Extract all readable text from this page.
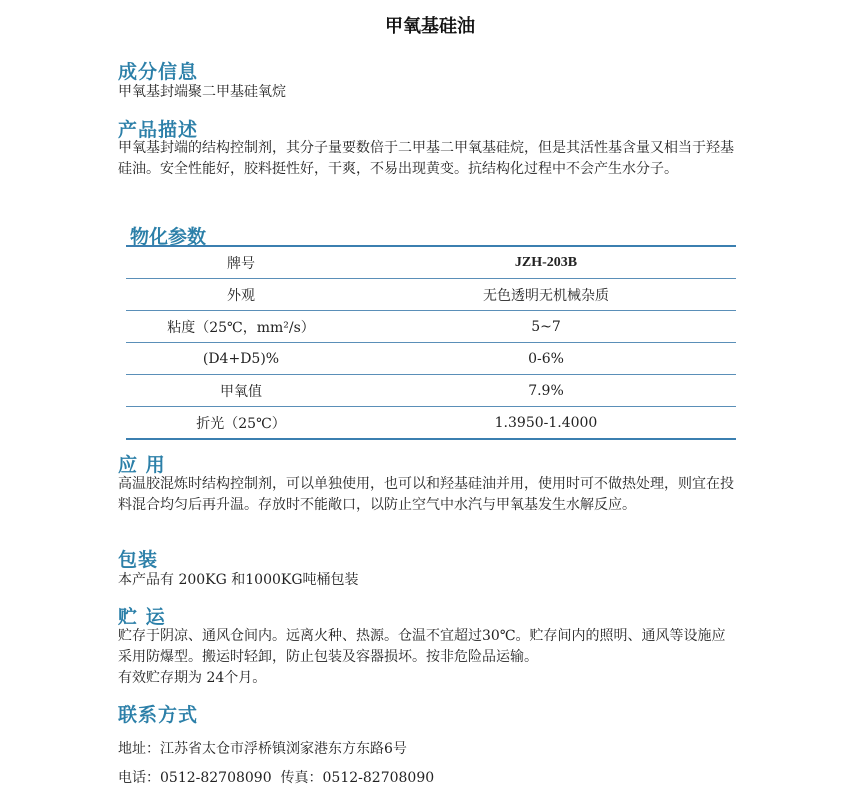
甲氧基硅油
成分信息
甲氧基封端聚二甲基硅氧烷
产品描述
甲氧基封端的结构控制剂，其分子量要数倍于二甲基二甲氧基硅烷，但是其活性基含量又相当于羟基硅油。安全性能好，胶料挺性好，干爽，不易出现黄变。抗结构化过程中不会产生水分子。
物化参数
牌号	JZH-203B
外观	无色透明无机械杂质
粘度（25℃，mm²/s）	5~7
(D4+D5)%	0-6%
甲氧值	7.9%
折光（25℃）	1.3950-1.4000
应 用
高温胶混炼时结构控制剂，可以单独使用，也可以和羟基硅油并用，使用时可不做热处理，则宜在投料混合均匀后再升温。存放时不能敞口，以防止空气中水汽与甲氧基发生水解反应。
包装
本产品有 200KG 和1000KG吨桶包装
贮 运
贮存于阴凉、通风仓间内。远离火种、热源。仓温不宜超过30℃。贮存间内的照明、通风等设施应采用防爆型。搬运时轻卸，防止包装及容器损坏。按非危险品运输。
有效贮存期为 24个月。
联系方式
地址：江苏省太仓市浮桥镇浏家港东方东路6号
电话：0512-82708090  传真：0512-82708090
